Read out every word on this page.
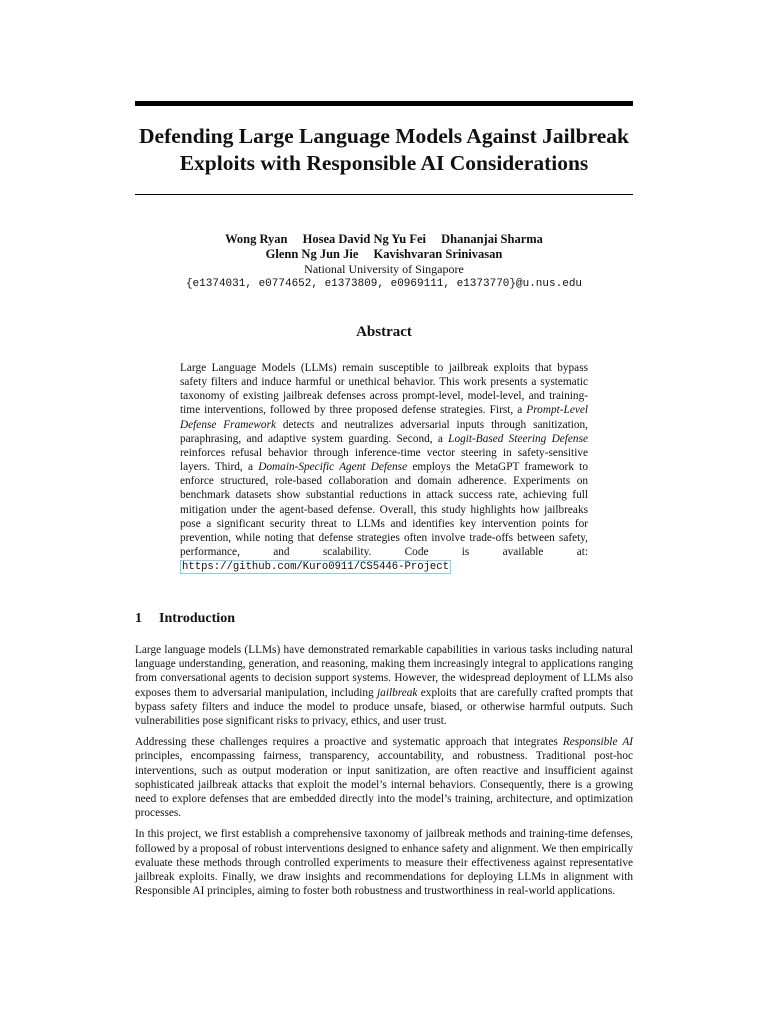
Defending Large Language Models Against Jailbreak Exploits with Responsible AI Considerations
Wong Ryan Hosea David Ng Yu Fei Dhananjai Sharma
Glenn Ng Jun Jie Kavishvaran Srinivasan
National University of Singapore
{e1374031, e0774652, e1373809, e0969111, e1373770}@u.nus.edu
Abstract

Large Language Models (LLMs) remain susceptible to jailbreak exploits that bypass safety filters and induce harmful or unethical behavior. This work presents a systematic taxonomy of existing jailbreak defenses across prompt-level, model-level, and training-time interventions, followed by three proposed defense strategies. First, a Prompt-Level Defense Framework detects and neutralizes adversarial inputs through sanitization, paraphrasing, and adaptive system guarding. Second, a Logit-Based Steering Defense reinforces refusal behavior through inference-time vector steering in safety-sensitive layers. Third, a Domain-Specific Agent Defense employs the MetaGPT framework to enforce structured, role-based collaboration and domain adherence. Experiments on benchmark datasets show substantial reductions in attack success rate, achieving full mitigation under the agent-based defense. Overall, this study highlights how jailbreaks pose a significant security threat to LLMs and identifies key intervention points for prevention, while noting that defense strategies often involve trade-offs between safety, performance, and scalability. Code is available at: https://github.com/Kuro0911/CS5446-Project

1 Introduction

Large language models (LLMs) have demonstrated remarkable capabilities in various tasks including natural language understanding, generation, and reasoning, making them increasingly integral to applications ranging from conversational agents to decision support systems. However, the widespread deployment of LLMs also exposes them to adversarial manipulation, including jailbreak exploits that are carefully crafted prompts that bypass safety filters and induce the model to produce unsafe, biased, or otherwise harmful outputs. Such vulnerabilities pose significant risks to privacy, ethics, and user trust.

Addressing these challenges requires a proactive and systematic approach that integrates Responsible AI principles, encompassing fairness, transparency, accountability, and robustness. Traditional post-hoc interventions, such as output moderation or input sanitization, are often reactive and insufficient against sophisticated jailbreak attacks that exploit the model’s internal behaviors. Consequently, there is a growing need to explore defenses that are embedded directly into the model’s training, architecture, and optimization processes.

In this project, we first establish a comprehensive taxonomy of jailbreak methods and training-time defenses, followed by a proposal of robust interventions designed to enhance safety and alignment. We then empirically evaluate these methods through controlled experiments to measure their effectiveness against representative jailbreak exploits. Finally, we draw insights and recommendations for deploying LLMs in alignment with Responsible AI principles, aiming to foster both robustness and trustworthiness in real-world applications.
